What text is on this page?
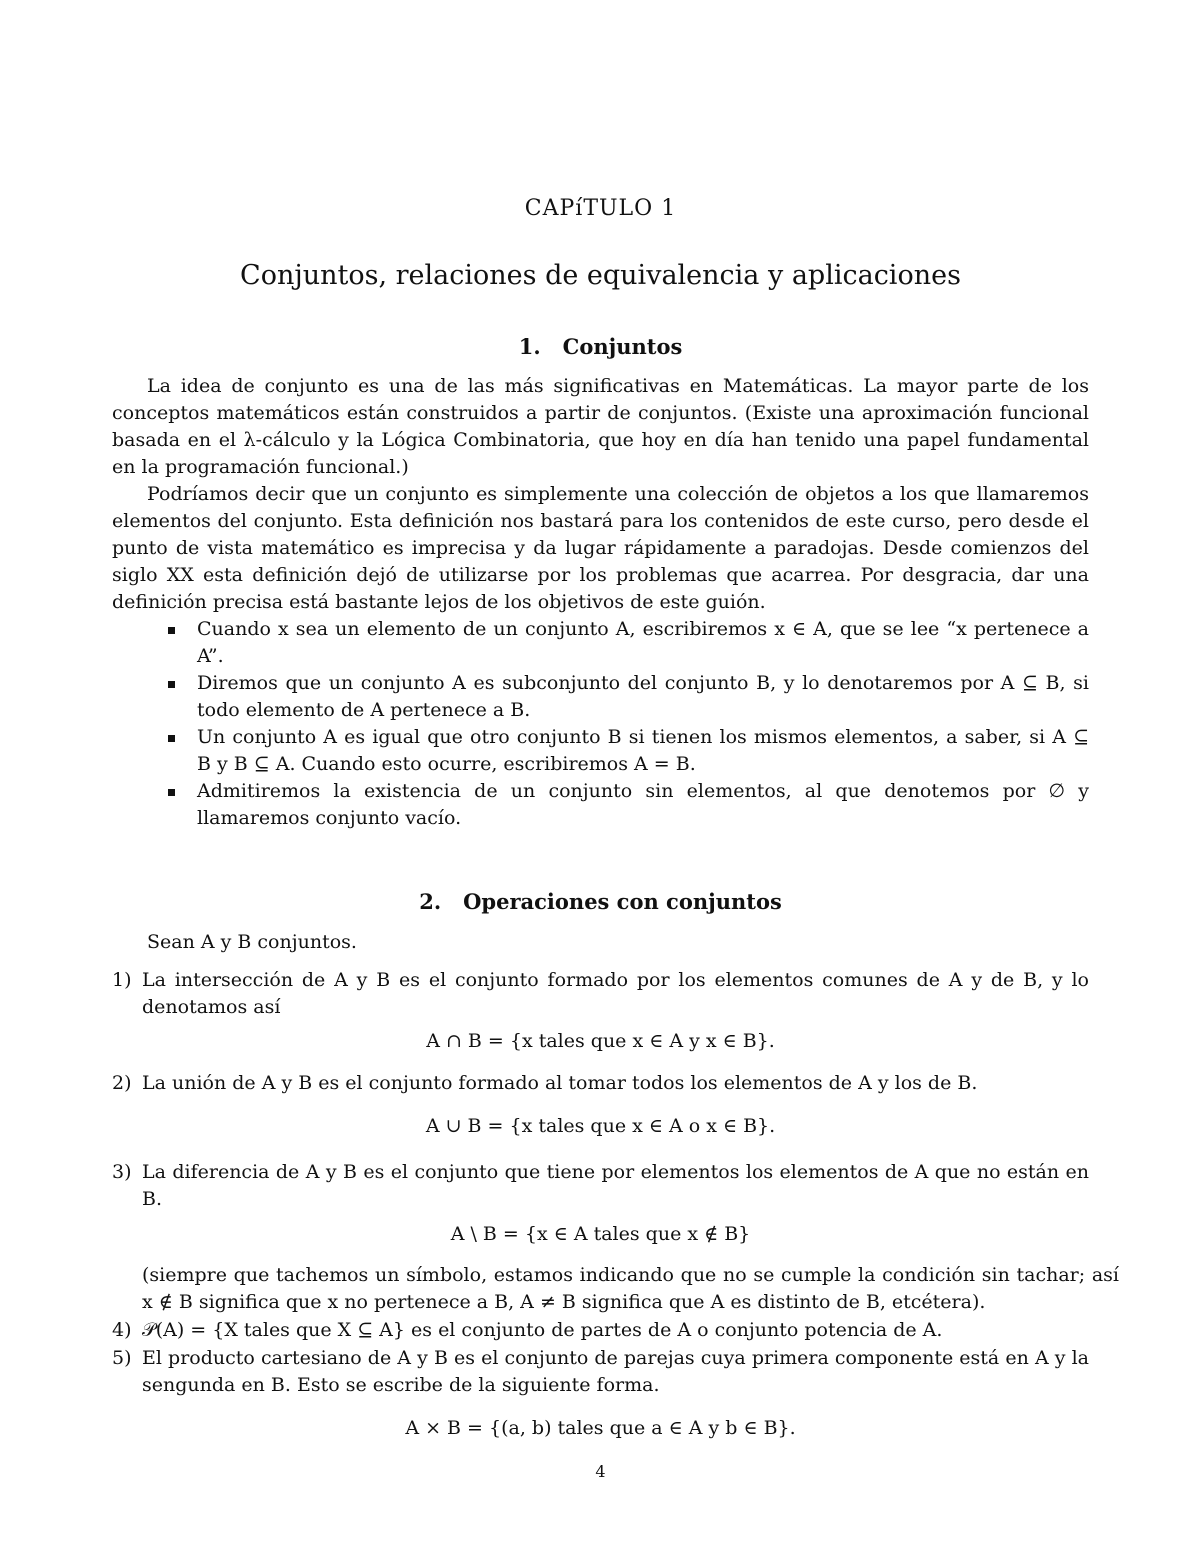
CAPíTULO 1
Conjuntos, relaciones de equivalencia y aplicaciones
1. Conjuntos
La idea de conjunto es una de las más significativas en Matemáticas. La mayor parte de los conceptos matemáticos están construidos a partir de conjuntos. (Existe una aproximación funcional basada en el λ-cálculo y la Lógica Combinatoria, que hoy en día han tenido una papel fundamental en la programación funcional.)
Podríamos decir que un conjunto es simplemente una colección de objetos a los que llamaremos elementos del conjunto. Esta definición nos bastará para los contenidos de este curso, pero desde el punto de vista matemático es imprecisa y da lugar rápidamente a paradojas. Desde comienzos del siglo XX esta definición dejó de utilizarse por los problemas que acarrea. Por desgracia, dar una definición precisa está bastante lejos de los objetivos de este guión.
Cuando x sea un elemento de un conjunto A, escribiremos x ∈ A, que se lee “x pertenece a A”.
Diremos que un conjunto A es subconjunto del conjunto B, y lo denotaremos por A ⊆ B, si todo elemento de A pertenece a B.
Un conjunto A es igual que otro conjunto B si tienen los mismos elementos, a saber, si A ⊆ B y B ⊆ A. Cuando esto ocurre, escribiremos A = B.
Admitiremos la existencia de un conjunto sin elementos, al que denotemos por ∅ y llamaremos conjunto vacío.
2. Operaciones con conjuntos
Sean A y B conjuntos.
1) La intersección de A y B es el conjunto formado por los elementos comunes de A y de B, y lo denotamos así
A ∩ B = {x tales que x ∈ A y x ∈ B}.
2) La unión de A y B es el conjunto formado al tomar todos los elementos de A y los de B.
A ∪ B = {x tales que x ∈ A o x ∈ B}.
3) La diferencia de A y B es el conjunto que tiene por elementos los elementos de A que no están en B.
A \ B = {x ∈ A tales que x ∉ B}
(siempre que tachemos un símbolo, estamos indicando que no se cumple la condición sin tachar; así x ∉ B significa que x no pertenece a B, A ≠ B significa que A es distinto de B, etcétera).
4) 𝒫(A) = {X tales que X ⊆ A} es el conjunto de partes de A o conjunto potencia de A.
5) El producto cartesiano de A y B es el conjunto de parejas cuya primera componente está en A y la sengunda en B. Esto se escribe de la siguiente forma.
A × B = {(a, b) tales que a ∈ A y b ∈ B}.
4
